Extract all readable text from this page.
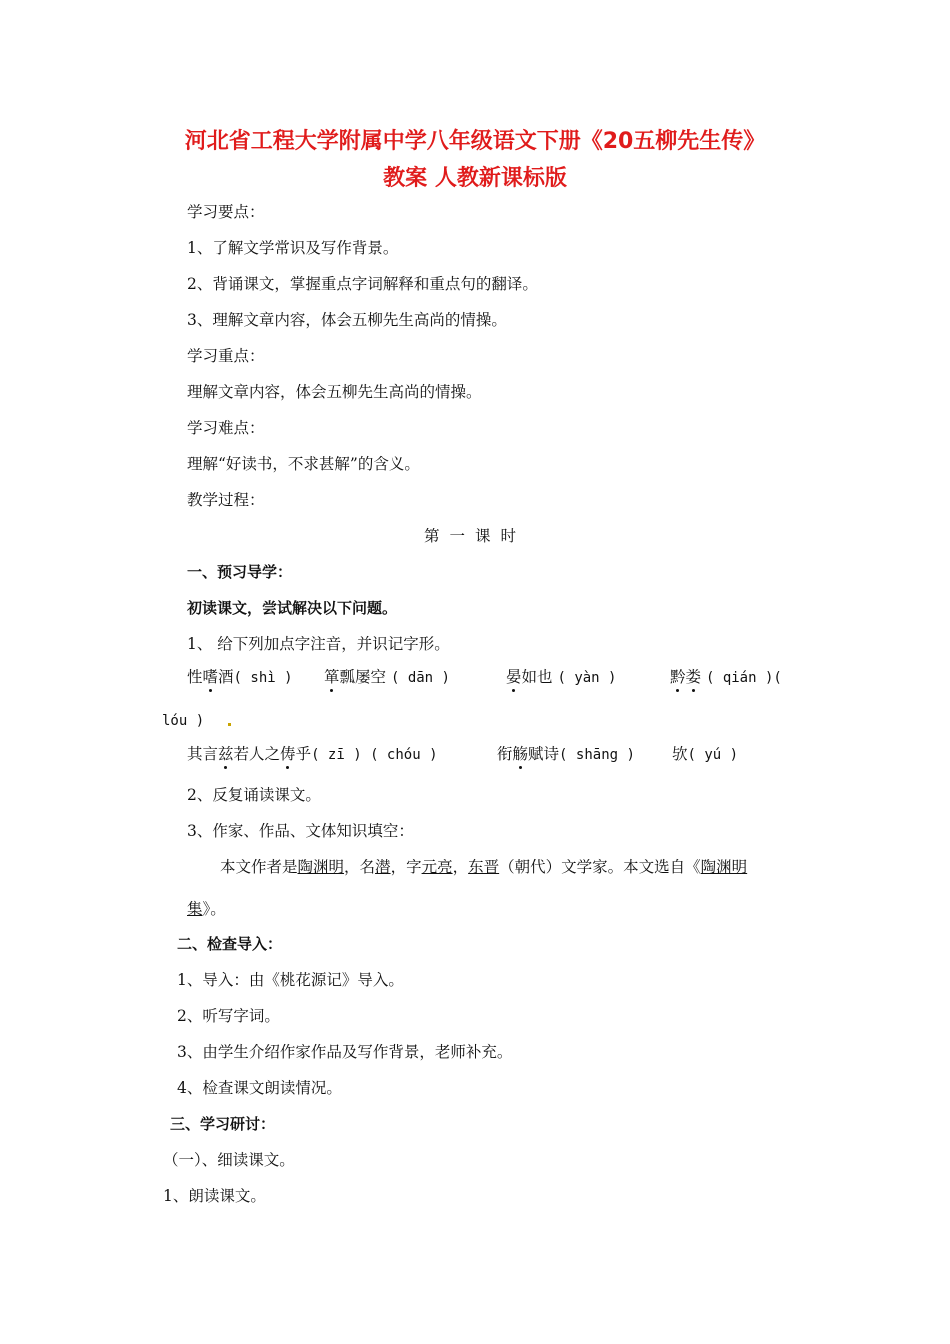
河北省工程大学附属中学八年级语文下册《20五柳先生传》
教案 人教新课标版
学习要点：
1、了解文学常识及写作背景。
2、背诵课文，掌握重点字词解释和重点句的翻译。
3、理解文章内容，体会五柳先生高尚的情操。
学习重点：
理解文章内容，体会五柳先生高尚的情操。
学习难点：
理解“好读书，不求甚解”的含义。
教学过程：
第一课时
一、预习导学：
初读课文，尝试解决以下问题。
1、 给下列加点字注音，并识记字形。
性嗜酒( shì ) 箪瓢屡空 ( dān )	晏如也 ( yàn )	黔娄 ( qián )(
lóu )
其言兹若人之俦乎( zī ) ( chóu )	衔觞赋诗( shāng ) 欤( yú )
2、反复诵读课文。
3、作家、作品、文体知识填空：
本文作者是陶渊明，名潜，字元亮，东晋（朝代）文学家。本文选自《陶渊明
集》。
二、检查导入：
1、导入：由《桃花源记》导入。
2、听写字词。
3、由学生介绍作家作品及写作背景，老师补充。
4、检查课文朗读情况。
三、学习研讨：
（一）、细读课文。
1、朗读课文。
